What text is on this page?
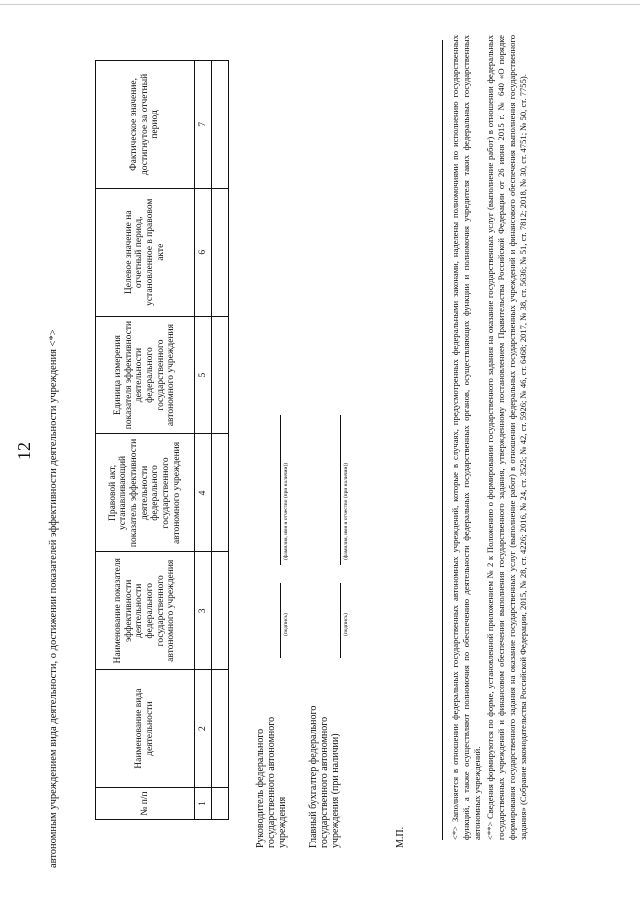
12 автономным учреждением вида деятельности, о достижении показателей эффективности деятельности учреждения <*>	№ п/п	Наименование вида деятельности	Наименование показателя эффективности деятельности федерального государственного автономного учреждения	Правовой акт, устанавливающий показатель эффективности деятельности федерального государственного автономного учреждения	Единица измерения показателя эффективности деятельности федерального государственного автономного учреждения	Целевое значение на отчетный период, установленное в правовом акте	Фактическое значение, достигнутое за отчетный период
1	2	3	4	5	6	7

Руководитель федерального государственного автономного учреждения
(подпись)
(фамилия, имя и отчество (при наличии))
Главный бухгалтер федерального государственного автономного учреждения (при наличии)
(подпись)
(фамилия, имя и отчество (при наличии))
М.П.	<*> Заполняется в отношении федеральных государственных автономных учреждений, которые в случаях, предусмотренных федеральными законами, наделены полномочиями по исполнению государственных функций, а также осуществляют полномочия по обеспечению деятельности федеральных государственных органов, осуществляющих функции и полномочия учредителя таких федеральных государственных автономных учреждений. <**> Сведения формируются по форме, установленной приложением № 2 к Положению о формировании государственного задания на оказание государственных услуг (выполнение работ) в отношении федеральных государственных учреждений и финансовом обеспечении выполнения государственного задания, утвержденному постановлением Правительства Российской Федерации от 26 июня 2015 г. № 640 «О порядке формирования государственного задания на оказание государственных услуг (выполнение работ) в отношении федеральных государственных учреждений и финансового обеспечения выполнения государственного задания» (Собрание законодательства Российской Федерации, 2015, № 28, ст. 4226; 2016, № 24, ст. 3525; № 42, ст. 5926; № 46, ст. 6468; 2017, № 38, ст. 5636; № 51, ст. 7812; 2018, № 30, ст. 4751; № 50, ст. 7755).
